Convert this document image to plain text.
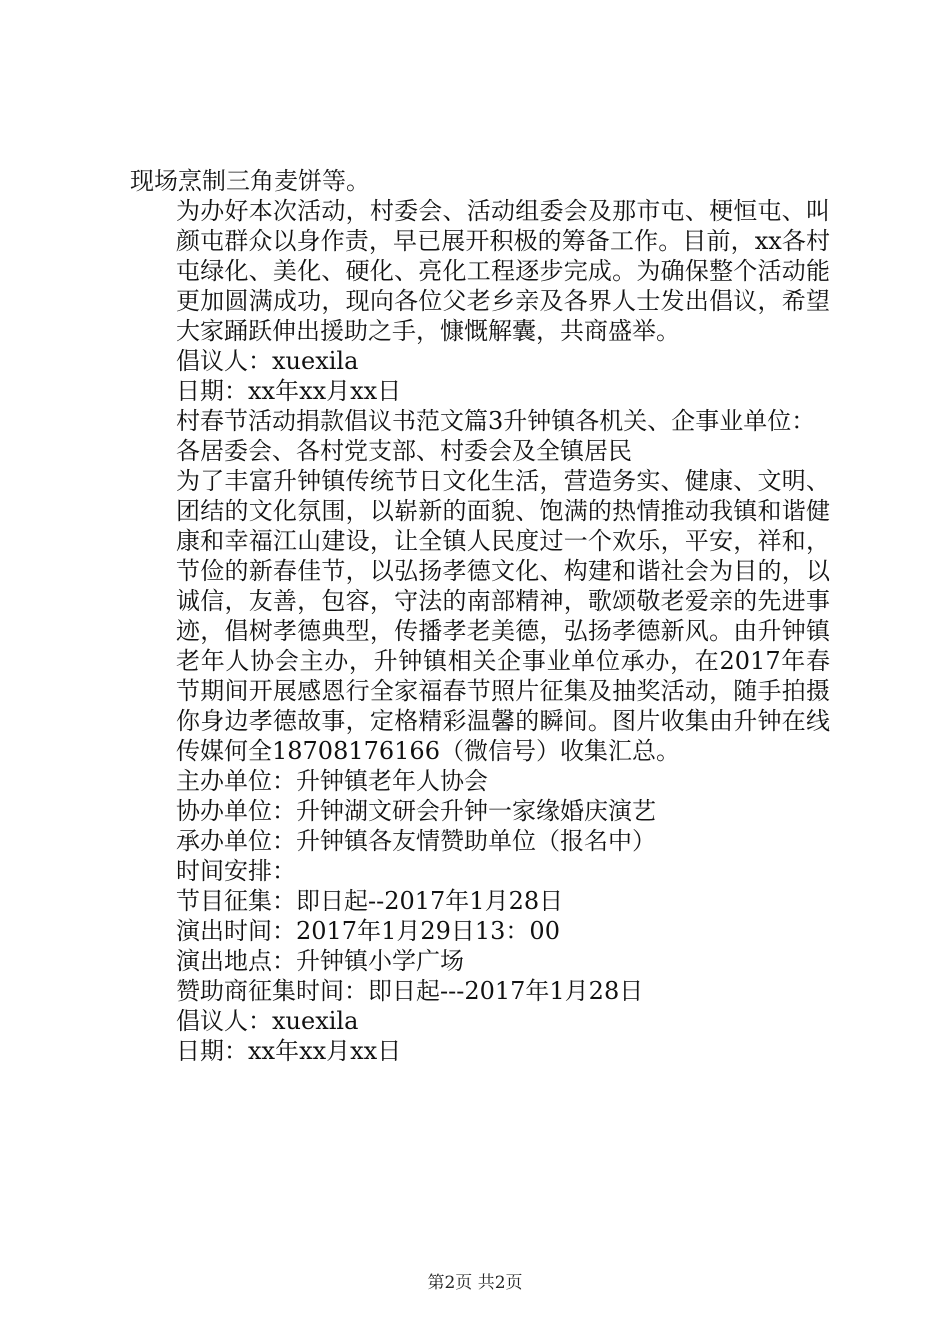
现场烹制三角麦饼等。
为办好本次活动，村委会、活动组委会及那市屯、梗恒屯、叫颜屯群众以身作责，早已展开积极的筹备工作。目前，xx各村屯绿化、美化、硬化、亮化工程逐步完成。为确保整个活动能更加圆满成功，现向各位父老乡亲及各界人士发出倡议，希望大家踊跃伸出援助之手，慷慨解囊，共商盛举。
倡议人：xuexila
日期：xx年xx月xx日
村春节活动捐款倡议书范文篇3升钟镇各机关、企事业单位：
各居委会、各村党支部、村委会及全镇居民
为了丰富升钟镇传统节日文化生活，营造务实、健康、文明、团结的文化氛围，以崭新的面貌、饱满的热情推动我镇和谐健康和幸福江山建设，让全镇人民度过一个欢乐，平安，祥和，节俭的新春佳节，以弘扬孝德文化、构建和谐社会为目的，以诚信，友善，包容，守法的南部精神，歌颂敬老爱亲的先进事迹，倡树孝德典型，传播孝老美德，弘扬孝德新风。由升钟镇老年人协会主办，升钟镇相关企事业单位承办，在2017年春节期间开展感恩行全家福春节照片征集及抽奖活动，随手拍摄你身边孝德故事，定格精彩温馨的瞬间。图片收集由升钟在线传媒何全18708176166（微信号）收集汇总。
主办单位：升钟镇老年人协会
协办单位：升钟湖文研会升钟一家缘婚庆演艺
承办单位：升钟镇各友情赞助单位（报名中）
时间安排：
节目征集：即日起--2017年1月28日
演出时间：2017年1月29日13：00
演出地点：升钟镇小学广场
赞助商征集时间：即日起---2017年1月28日
倡议人：xuexila
日期：xx年xx月xx日
第2页 共2页
